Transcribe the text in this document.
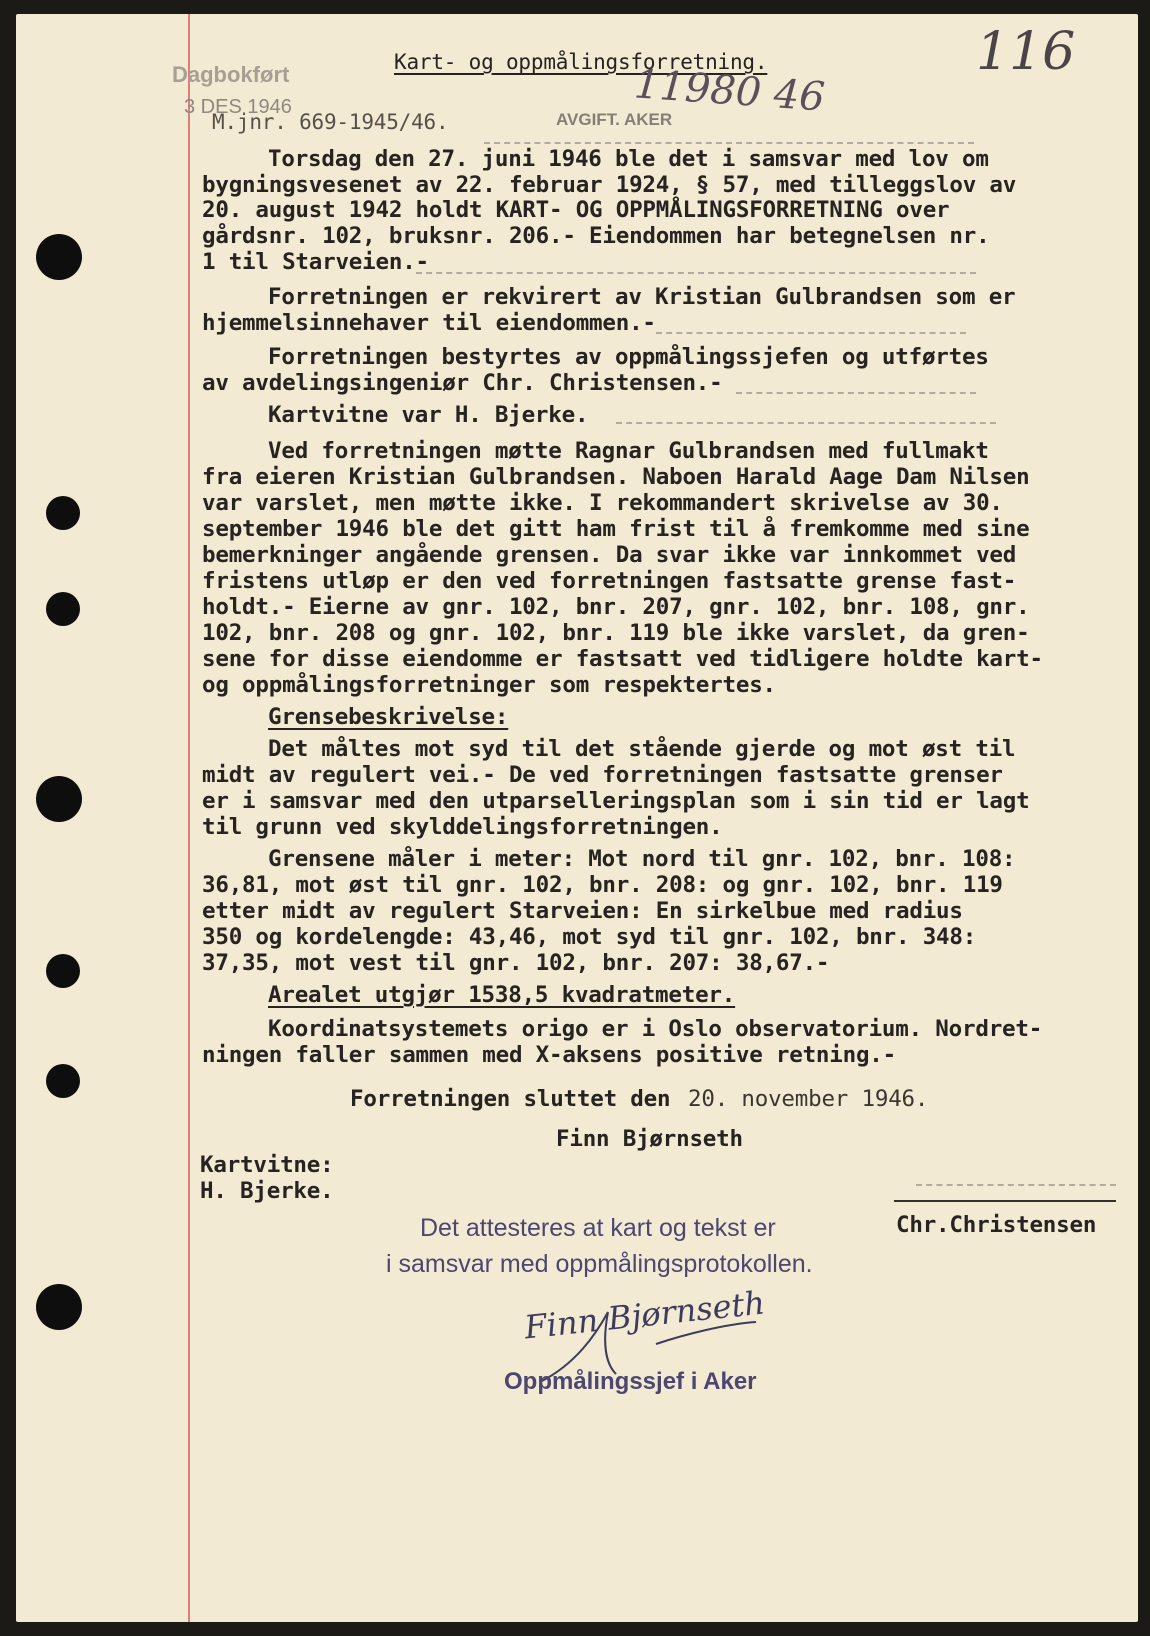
Kart- og oppmålingsforretning.	116
Dagbokført
3 DES 1946

M.jnr. 669-1945/46.	AVGIFT. AKER
11980 46

Torsdag den 27. juni 1946 ble det i samsvar med lov om

bygningsvesenet av 22. februar 1924, § 57, med tilleggslov av

20. august 1942 holdt KART- OG OPPMÅLINGSFORRETNING over

gårdsnr. 102, bruksnr. 206.- Eiendommen har betegnelsen nr.

1 til Starveien.-

Forretningen er rekvirert av Kristian Gulbrandsen som er

hjemmelsinnehaver til eiendommen.-

Forretningen bestyrtes av oppmålingssjefen og utførtes

av avdelingsingeniør Chr. Christensen.-

Kartvitne var H. Bjerke.

Ved forretningen møtte Ragnar Gulbrandsen med fullmakt

fra eieren Kristian Gulbrandsen. Naboen Harald Aage Dam Nilsen

var varslet, men møtte ikke. I rekommandert skrivelse av 30.

september 1946 ble det gitt ham frist til å fremkomme med sine

bemerkninger angående grensen. Da svar ikke var innkommet ved

fristens utløp er den ved forretningen fastsatte grense fast-

holdt.- Eierne av gnr. 102, bnr. 207, gnr. 102, bnr. 108, gnr.

102, bnr. 208 og gnr. 102, bnr. 119 ble ikke varslet, da gren-

sene for disse eiendomme er fastsatt ved tidligere holdte kart-

og oppmålingsforretninger som respektertes.

Grensebeskrivelse:

Det måltes mot syd til det stående gjerde og mot øst til

midt av regulert vei.- De ved forretningen fastsatte grenser

er i samsvar med den utparselleringsplan som i sin tid er lagt

til grunn ved skylddelingsforretningen.

Grensene måler i meter: Mot nord til gnr. 102, bnr. 108:

36,81, mot øst til gnr. 102, bnr. 208: og gnr. 102, bnr. 119

etter midt av regulert Starveien: En sirkelbue med radius

350 og kordelengde: 43,46, mot syd til gnr. 102, bnr. 348:

37,35, mot vest til gnr. 102, bnr. 207: 38,67.-

Arealet utgjør 1538,5 kvadratmeter.

Koordinatsystemets origo er i Oslo observatorium. Nordret-

ningen faller sammen med X-aksens positive retning.-

Forretningen sluttet den 20. november 1946.

Finn Bjørnseth

Kartvitne:

H. Bjerke.

Det attesteres at kart og tekst er
i samsvar med oppmålingsprotokollen.
Finn Bjørnseth
Oppmålingssjef i Aker

Chr.Christensen
